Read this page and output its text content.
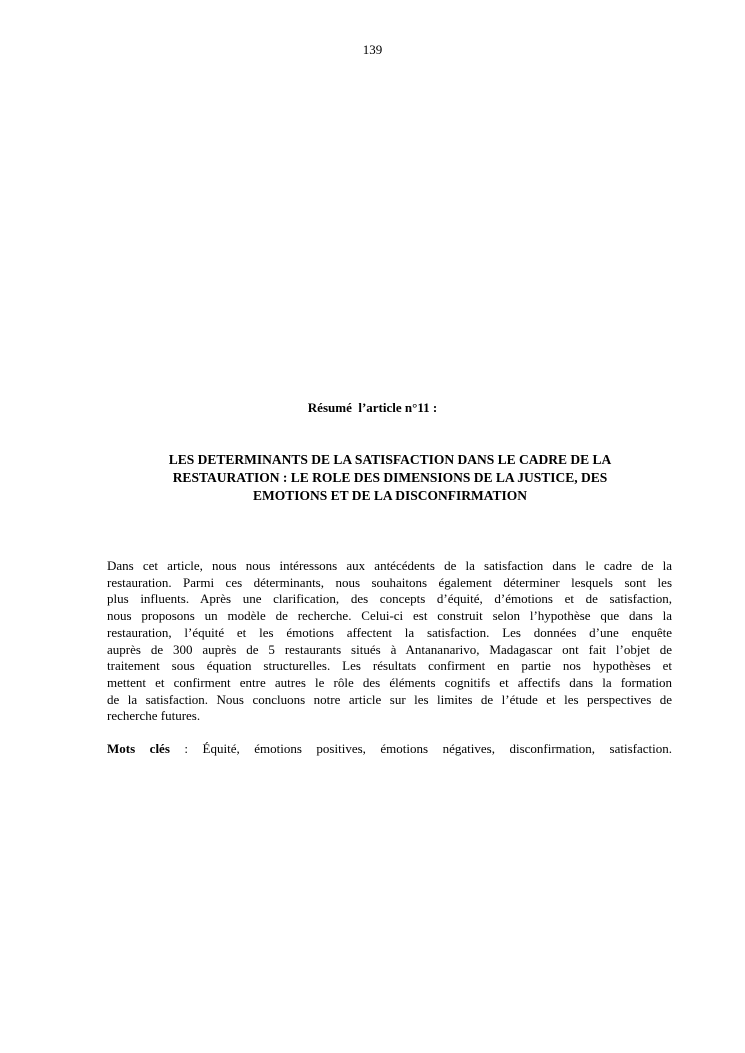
139
Résumé  l’article n°11 :
LES DETERMINANTS DE LA SATISFACTION DANS LE CADRE DE LA
RESTAURATION : LE ROLE DES DIMENSIONS DE LA JUSTICE, DES
EMOTIONS ET DE LA DISCONFIRMATION
Dans cet article, nous nous intéressons aux antécédents de la satisfaction dans le cadre de la
restauration. Parmi ces déterminants, nous souhaitons également déterminer lesquels sont les
plus influents. Après une clarification, des concepts d’équité, d’émotions et de satisfaction,
nous proposons un modèle de recherche. Celui-ci est construit selon l’hypothèse que dans la
restauration, l’équité et les émotions affectent la satisfaction. Les données d’une enquête
auprès de 300 auprès de 5 restaurants situés à Antananarivo, Madagascar ont fait l’objet de
traitement sous équation structurelles. Les résultats confirment en partie nos hypothèses et
mettent et confirment entre autres le rôle des éléments cognitifs et affectifs dans la formation
de la satisfaction. Nous concluons notre article sur les limites de l’étude et les perspectives de
recherche futures.
Mots clés : Équité, émotions positives, émotions négatives, disconfirmation, satisfaction.
